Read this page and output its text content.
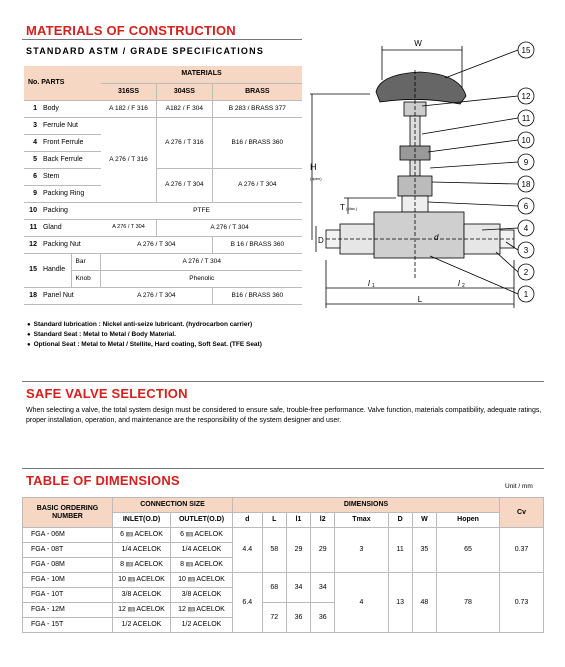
MATERIALS OF CONSTRUCTION
STANDARD ASTM / GRADE SPECIFICATIONS
No. PARTS			MATERIALS		
			316SS	304SS	BRASS
1	Body		A 182 / F 316	A182 / F 304	B 283 / BRASS 377
3	Ferrule Nut		A 276 / T 316	A 276 / T 316	B16 / BRASS 360
4	Front Ferrule				
5	Back Ferrule				
6	Stem			A 276 / T 304	A 276 / T 304
9	Packing Ring				
10	Packing		PTFE		
11	Gland		A 276 / T 304	A 276 / T 304	
12	Packing Nut		A 276 / T 304		B 16 / BRASS 360
15	Handle	Bar	A 276 / T 304		
		Knob	Phenolic		
18	Panel Nut		A 276 / T 304		B16 / BRASS 360
● Standard lubrication : Nickel anti-seize lubricant. (hydrocarbon carrier)
● Standard Seat : Metal to Metal / Body Material.
● Optional Seat : Metal to Metal / Stellite, Hard coating, Soft Seat. (TFE Seat)
W
H
(open)
T (Max.)
D	d
l 1	l 2
L
15
12
11
10
9
18
6
4
3
2
1
SAFE VALVE SELECTION
When selecting a valve, the total system design must be considered to ensure safe, trouble-free performance. Valve function, materials compatibility, adequate ratings, proper installation, operation, and maintenance are the responsibility of the system designer and user.
TABLE OF DIMENSIONS	Unit / mm
BASIC ORDERING NUMBER	CONNECTION SIZE		DIMENSIONS								Cv
	INLET(O.D)	OUTLET(O.D)	d	L	l1	l2	Tmax	D	W	Hopen	
FGA - 06M	6 ㎜ ACELOK	6 ㎜ ACELOK	4.4	58	29	29	3	11	35	65	0.37
FGA - 08T	1/4 ACELOK	1/4 ACELOK									
FGA - 08M	8 ㎜ ACELOK	8 ㎜ ACELOK									
FGA - 10M	10 ㎜ ACELOK	10 ㎜ ACELOK	6.4	68	34	34	4	13	48	78	0.73
FGA - 10T	3/8 ACELOK	3/8 ACELOK									
FGA - 12M	12 ㎜ ACELOK	12 ㎜ ACELOK		72	36	36					
FGA - 15T	1/2 ACELOK	1/2 ACELOK									
